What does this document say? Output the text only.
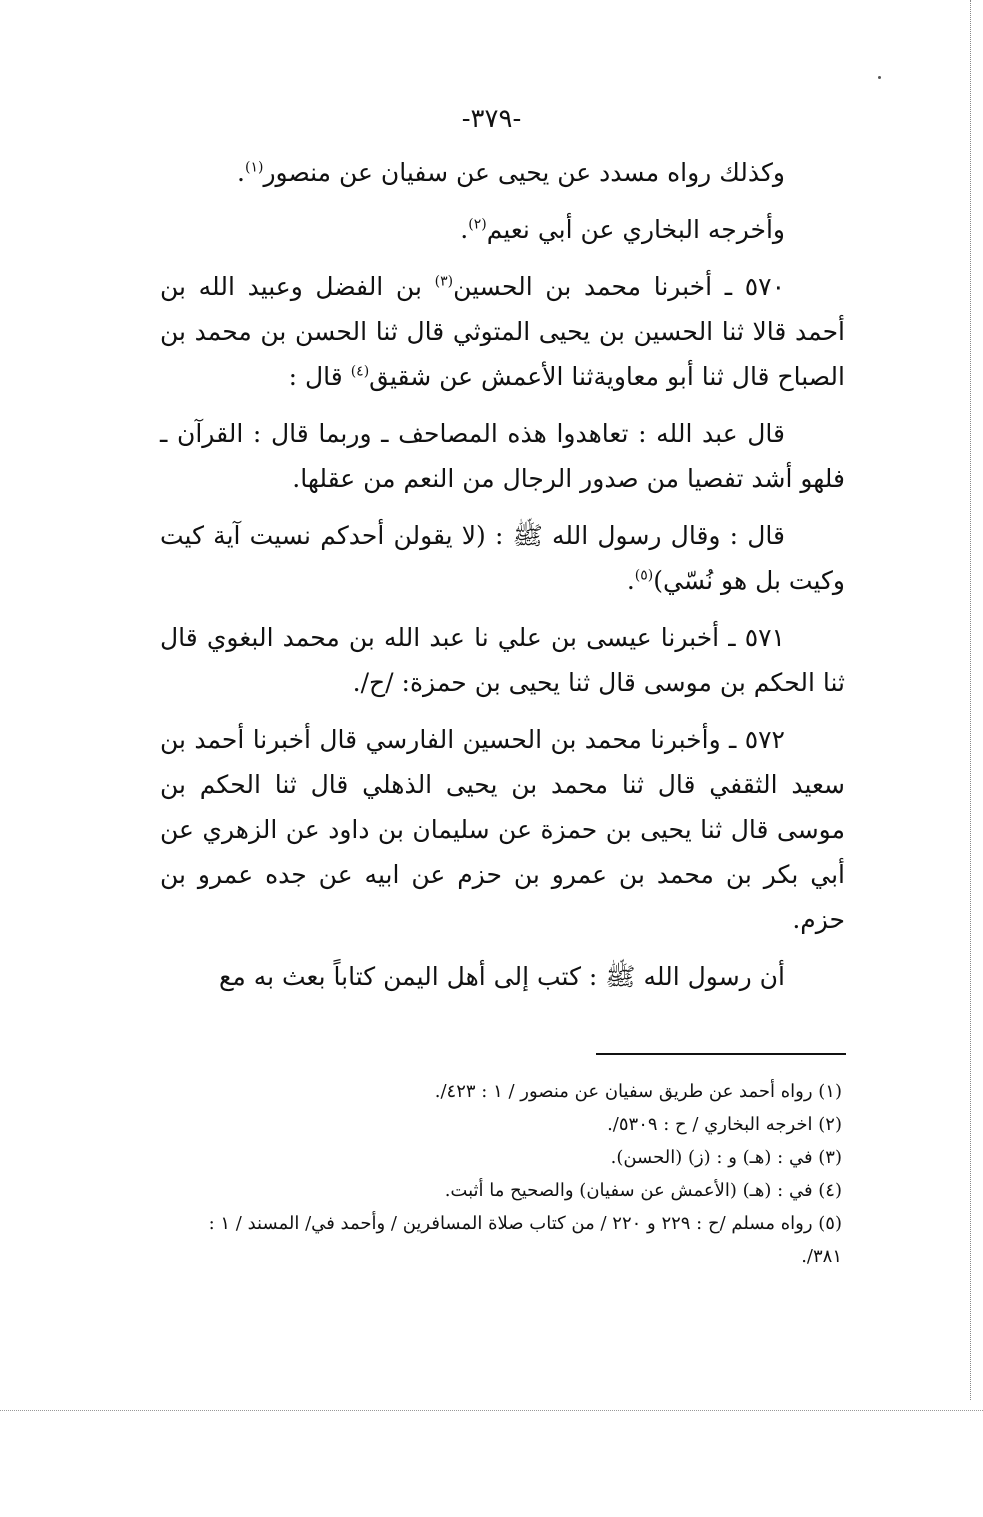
-٣٧٩-

وكذلك رواه مسدد عن يحيى عن سفيان عن منصور$^{(١)}$.

وأخرجه البخاري عن أبي نعيم$^{(٢)}$.

٥٧٠ ـ أخبرنا محمد بن الحسين$^{(٣)}$ بن الفضل وعبيد الله بن أحمد قالا ثنا الحسين بن يحيى المتوثي قال ثنا الحسن بن محمد بن الصباح قال ثنا أبو معاويةثنا الأعمش عن شقيق$^{(٤)}$ قال :

قال عبد الله : تعاهدوا هذه المصاحف ـ وربما قال : القرآن ـ فلهو أشد تفصيا من صدور الرجال من النعم من عقلها.

قال : وقال رسول الله ﷺ : (لا يقولن أحدكم نسيت آية كيت وكيت بل هو نُسّي)$^{(٥)}$.

٥٧١ ـ أخبرنا عيسى بن علي نا عبد الله بن محمد البغوي قال ثنا الحكم بن موسى قال ثنا يحيى بن حمزة: /ح/.

٥٧٢ ـ وأخبرنا محمد بن الحسين الفارسي قال أخبرنا أحمد بن سعيد الثقفي قال ثنا محمد بن يحيى الذهلي قال ثنا الحكم بن موسى قال ثنا يحيى بن حمزة عن سليمان بن داود عن الزهري عن أبي بكر بن محمد بن عمرو بن حزم عن ابيه عن جده عمرو بن حزم.

أن رسول الله ﷺ : كتب إلى أهل اليمن كتاباً بعث به مع

(١) رواه أحمد عن طريق سفيان عن منصور / ١ : ٤٢٣/.
(٢) اخرجه البخاري / ح : ٥٣٠٩/.
(٣) في : (هـ) و : (ز) (الحسن).
(٤) في : (هـ) (الأعمش عن سفيان) والصحيح ما أثبت.
(٥) رواه مسلم /ح : ٢٢٩ و ٢٢٠ / من كتاب صلاة المسافرين / وأحمد في/ المسند / ١ : ٣٨١/.
